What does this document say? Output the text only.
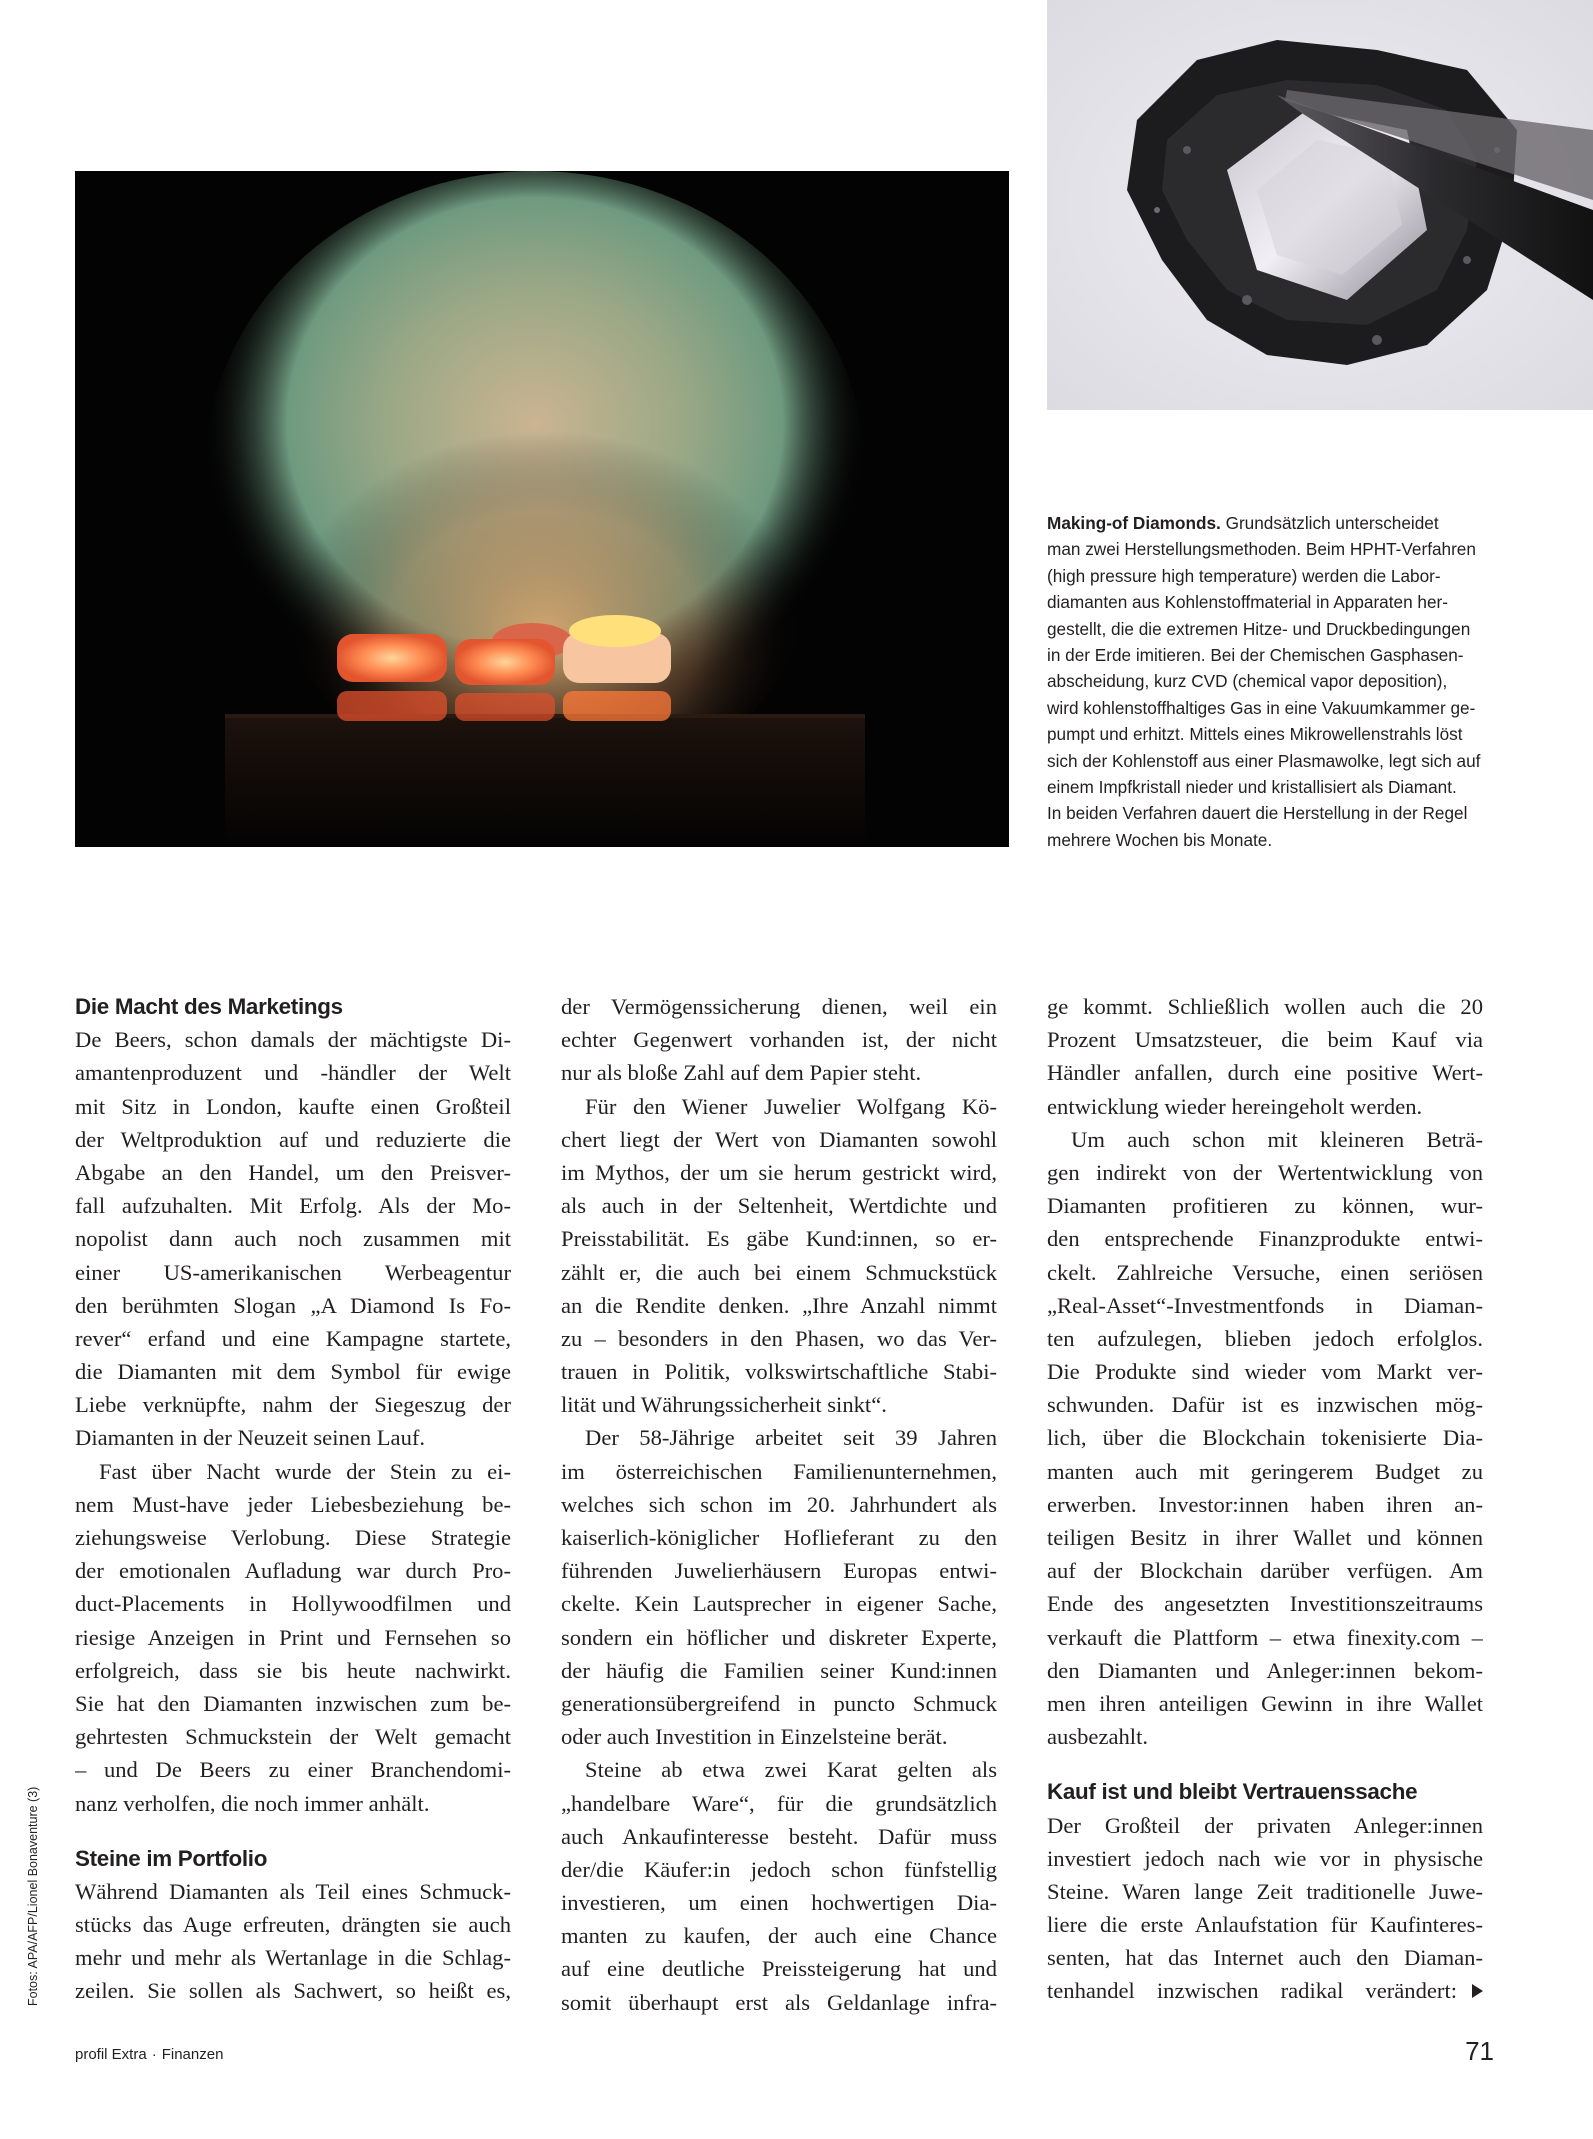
Making-of Diamonds. Grundsätzlich unterscheidet
man zwei Herstellungsmethoden. Beim HPHT-Verfahren
(high pressure high temperature) werden die Labor-
diamanten aus Kohlenstoffmaterial in Apparaten her-
gestellt, die die extremen Hitze- und Druckbedingungen
in der Erde imitieren. Bei der Chemischen Gasphasen-
abscheidung, kurz CVD (chemical vapor deposition),
wird kohlenstoffhaltiges Gas in eine Vakuumkammer ge-
pumpt und erhitzt. Mittels eines Mikrowellenstrahls löst
sich der Kohlenstoff aus einer Plasmawolke, legt sich auf
einem Impfkristall nieder und kristallisiert als Diamant.
In beiden Verfahren dauert die Herstellung in der Regel
mehrere Wochen bis Monate.
Die Macht des Marketings
De Beers, schon damals der mächtigste Di-
amantenproduzent und -händler der Welt
mit Sitz in London, kaufte einen Großteil
der Weltproduktion auf und reduzierte die
Abgabe an den Handel, um den Preisver-
fall aufzuhalten. Mit Erfolg. Als der Mo-
nopolist dann auch noch zusammen mit
einer US-amerikanischen Werbeagentur
den berühmten Slogan „A Diamond Is Fo-
rever“ erfand und eine Kampagne startete,
die Diamanten mit dem Symbol für ewige
Liebe verknüpfte, nahm der Siegeszug der
Diamanten in der Neuzeit seinen Lauf.
Fast über Nacht wurde der Stein zu ei-
nem Must-have jeder Liebesbeziehung be-
ziehungsweise Verlobung. Diese Strategie
der emotionalen Aufladung war durch Pro-
duct-Placements in Hollywoodfilmen und
riesige Anzeigen in Print und Fernsehen so
erfolgreich, dass sie bis heute nachwirkt.
Sie hat den Diamanten inzwischen zum be-
gehrtesten Schmuckstein der Welt gemacht
– und De Beers zu einer Branchendomi-
nanz verholfen, die noch immer anhält.
Steine im Portfolio
Während Diamanten als Teil eines Schmuck-
stücks das Auge erfreuten, drängten sie auch
mehr und mehr als Wertanlage in die Schlag-
zeilen. Sie sollen als Sachwert, so heißt es,
der Vermögenssicherung dienen, weil ein
echter Gegenwert vorhanden ist, der nicht
nur als bloße Zahl auf dem Papier steht.
Für den Wiener Juwelier Wolfgang Kö-
chert liegt der Wert von Diamanten sowohl
im Mythos, der um sie herum gestrickt wird,
als auch in der Seltenheit, Wertdichte und
Preisstabilität. Es gäbe Kund:innen, so er-
zählt er, die auch bei einem Schmuckstück
an die Rendite denken. „Ihre Anzahl nimmt
zu – besonders in den Phasen, wo das Ver-
trauen in Politik, volkswirtschaftliche Stabi-
lität und Währungssicherheit sinkt“.
Der 58-Jährige arbeitet seit 39 Jahren
im österreichischen Familienunternehmen,
welches sich schon im 20. Jahrhundert als
kaiserlich-königlicher Hoflieferant zu den
führenden Juwelierhäusern Europas entwi-
ckelte. Kein Lautsprecher in eigener Sache,
sondern ein höflicher und diskreter Experte,
der häufig die Familien seiner Kund:innen
generationsübergreifend in puncto Schmuck
oder auch Investition in Einzelsteine berät.
Steine ab etwa zwei Karat gelten als
„handelbare Ware“, für die grundsätzlich
auch Ankaufinteresse besteht. Dafür muss
der/die Käufer:in jedoch schon fünfstellig
investieren, um einen hochwertigen Dia-
manten zu kaufen, der auch eine Chance
auf eine deutliche Preissteigerung hat und
somit überhaupt erst als Geldanlage infra-
ge kommt. Schließlich wollen auch die 20
Prozent Umsatzsteuer, die beim Kauf via
Händler anfallen, durch eine positive Wert-
entwicklung wieder hereingeholt werden.
Um auch schon mit kleineren Beträ-
gen indirekt von der Wertentwicklung von
Diamanten profitieren zu können, wur-
den entsprechende Finanzprodukte entwi-
ckelt. Zahlreiche Versuche, einen seriösen
„Real-Asset“-Investmentfonds in Diaman-
ten aufzulegen, blieben jedoch erfolglos.
Die Produkte sind wieder vom Markt ver-
schwunden. Dafür ist es inzwischen mög-
lich, über die Blockchain tokenisierte Dia-
manten auch mit geringerem Budget zu
erwerben. Investor:innen haben ihren an-
teiligen Besitz in ihrer Wallet und können
auf der Blockchain darüber verfügen. Am
Ende des angesetzten Investitionszeitraums
verkauft die Plattform – etwa finexity.com –
den Diamanten und Anleger:innen bekom-
men ihren anteiligen Gewinn in ihre Wallet
ausbezahlt.
Kauf ist und bleibt Vertrauenssache
Der Großteil der privaten Anleger:innen
investiert jedoch nach wie vor in physische
Steine. Waren lange Zeit traditionelle Juwe-
liere die erste Anlaufstation für Kaufinteres-
senten, hat das Internet auch den Diaman-
tenhandel inzwischen radikal verändert:
Fotos: APA/AFP/Lionel Bonaventure (3)
profil Extra · Finanzen	71
